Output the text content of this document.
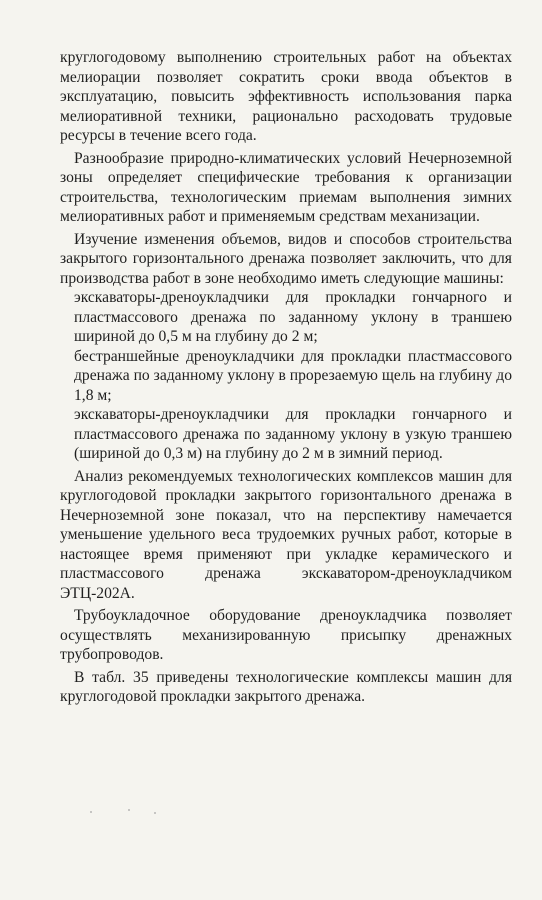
круглогодовому выполнению строительных работ на объектах мелиорации позволяет сократить сроки ввода объектов в эксплуатацию, повысить эффективность использования парка мелиоративной техники, рационально расходовать трудовые ресурсы в течение всего года.

Разнообразие природно-климатических условий Нечерноземной зоны определяет специфические требования к организации строительства, технологическим приемам выполнения зимних мелиоративных работ и применяемым средствам механизации.

Изучение изменения объемов, видов и способов строительства закрытого горизонтального дренажа позволяет заключить, что для производства работ в зоне необходимо иметь следующие машины:

экскаваторы-дреноукладчики для прокладки гончарного и пластмассового дренажа по заданному уклону в траншею шириной до 0,5 м на глубину до 2 м;

бестраншейные дреноукладчики для прокладки пластмассового дренажа по заданному уклону в прорезаемую щель на глубину до 1,8 м;

экскаваторы-дреноукладчики для прокладки гончарного и пластмассового дренажа по заданному уклону в узкую траншею (шириной до 0,3 м) на глубину до 2 м в зимний период.

Анализ рекомендуемых технологических комплексов машин для круглогодовой прокладки закрытого горизонтального дренажа в Нечерноземной зоне показал, что на перспективу намечается уменьшение удельного веса трудоемких ручных работ, которые в настоящее время применяют при укладке керамического и пластмассового дренажа экскаватором-дреноукладчиком ЭТЦ-202А.

Трубоукладочное оборудование дреноукладчика позволяет осуществлять механизированную присыпку дренажных трубопроводов.

В табл. 35 приведены технологические комплексы машин для круглогодовой прокладки закрытого дренажа.
